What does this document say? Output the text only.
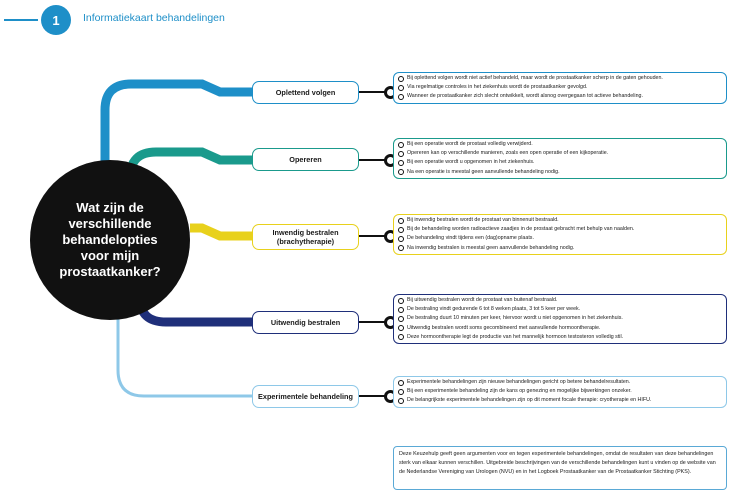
1	Informatiekaart behandelingen
Wat zijn de verschillende behandelopties voor mijn prostaatkanker?
Oplettend volgen
Bij oplettend volgen wordt niet actief behandeld, maar wordt de prostaatkanker scherp in de gaten gehouden.
Via regelmatige controles in het ziekenhuis wordt de prostaatkanker gevolgd.
Wanneer de prostaatkanker zich slecht ontwikkelt, wordt alsnog overgegaan tot actieve behandeling.
Opereren
Bij een operatie wordt de prostaat volledig verwijderd.
Opereren kan op verschillende manieren, zoals een open operatie of een kijkoperatie.
Bij een operatie wordt u opgenomen in het ziekenhuis.
Na een operatie is meestal geen aanvullende behandeling nodig.
Inwendig bestralen (brachytherapie)
Bij inwendig bestralen wordt de prostaat van binnenuit bestraald.
Bij de behandeling worden radioactieve zaadjes in de prostaat gebracht met behulp van naalden.
De behandeling vindt tijdens een (dag)opname plaats.
Na inwendig bestralen is meestal geen aanvullende behandeling nodig.
Uitwendig bestralen
Bij uitwendig bestralen wordt de prostaat van buitenaf bestraald.
De bestraling vindt gedurende 6 tot 8 weken plaats, 3 tot 5 keer per week.
De bestraling duurt 10 minuten per keer, hiervoor wordt u niet opgenomen in het ziekenhuis.
Uitwendig bestralen wordt soms gecombineerd met aanvullende hormoontherapie.
Deze hormoontherapie legt de productie van het mannelijk hormoon testosteron volledig stil.
Experimentele behandeling
Experimentele behandelingen zijn nieuwe behandelingen gericht op betere behandelresultaten.
Bij een experimentele behandeling zijn de kans op genezing en mogelijke bijwerkingen onzeker.
De belangrijkste experimentele behandelingen zijn op dit moment focale therapie: cryotherapie en HIFU.
Deze Keuzehulp geeft geen argumenten voor en tegen experimentele behandelingen, omdat de resultaten van deze behandelingen sterk van elkaar kunnen verschillen. Uitgebreide beschrijvingen van de verschillende behandelingen kunt u vinden op de website van de Nederlandse Vereniging van Urologen (NVU) en in het Logboek Prostaatkanker van de Prostaatkanker Stichting (PKS).
